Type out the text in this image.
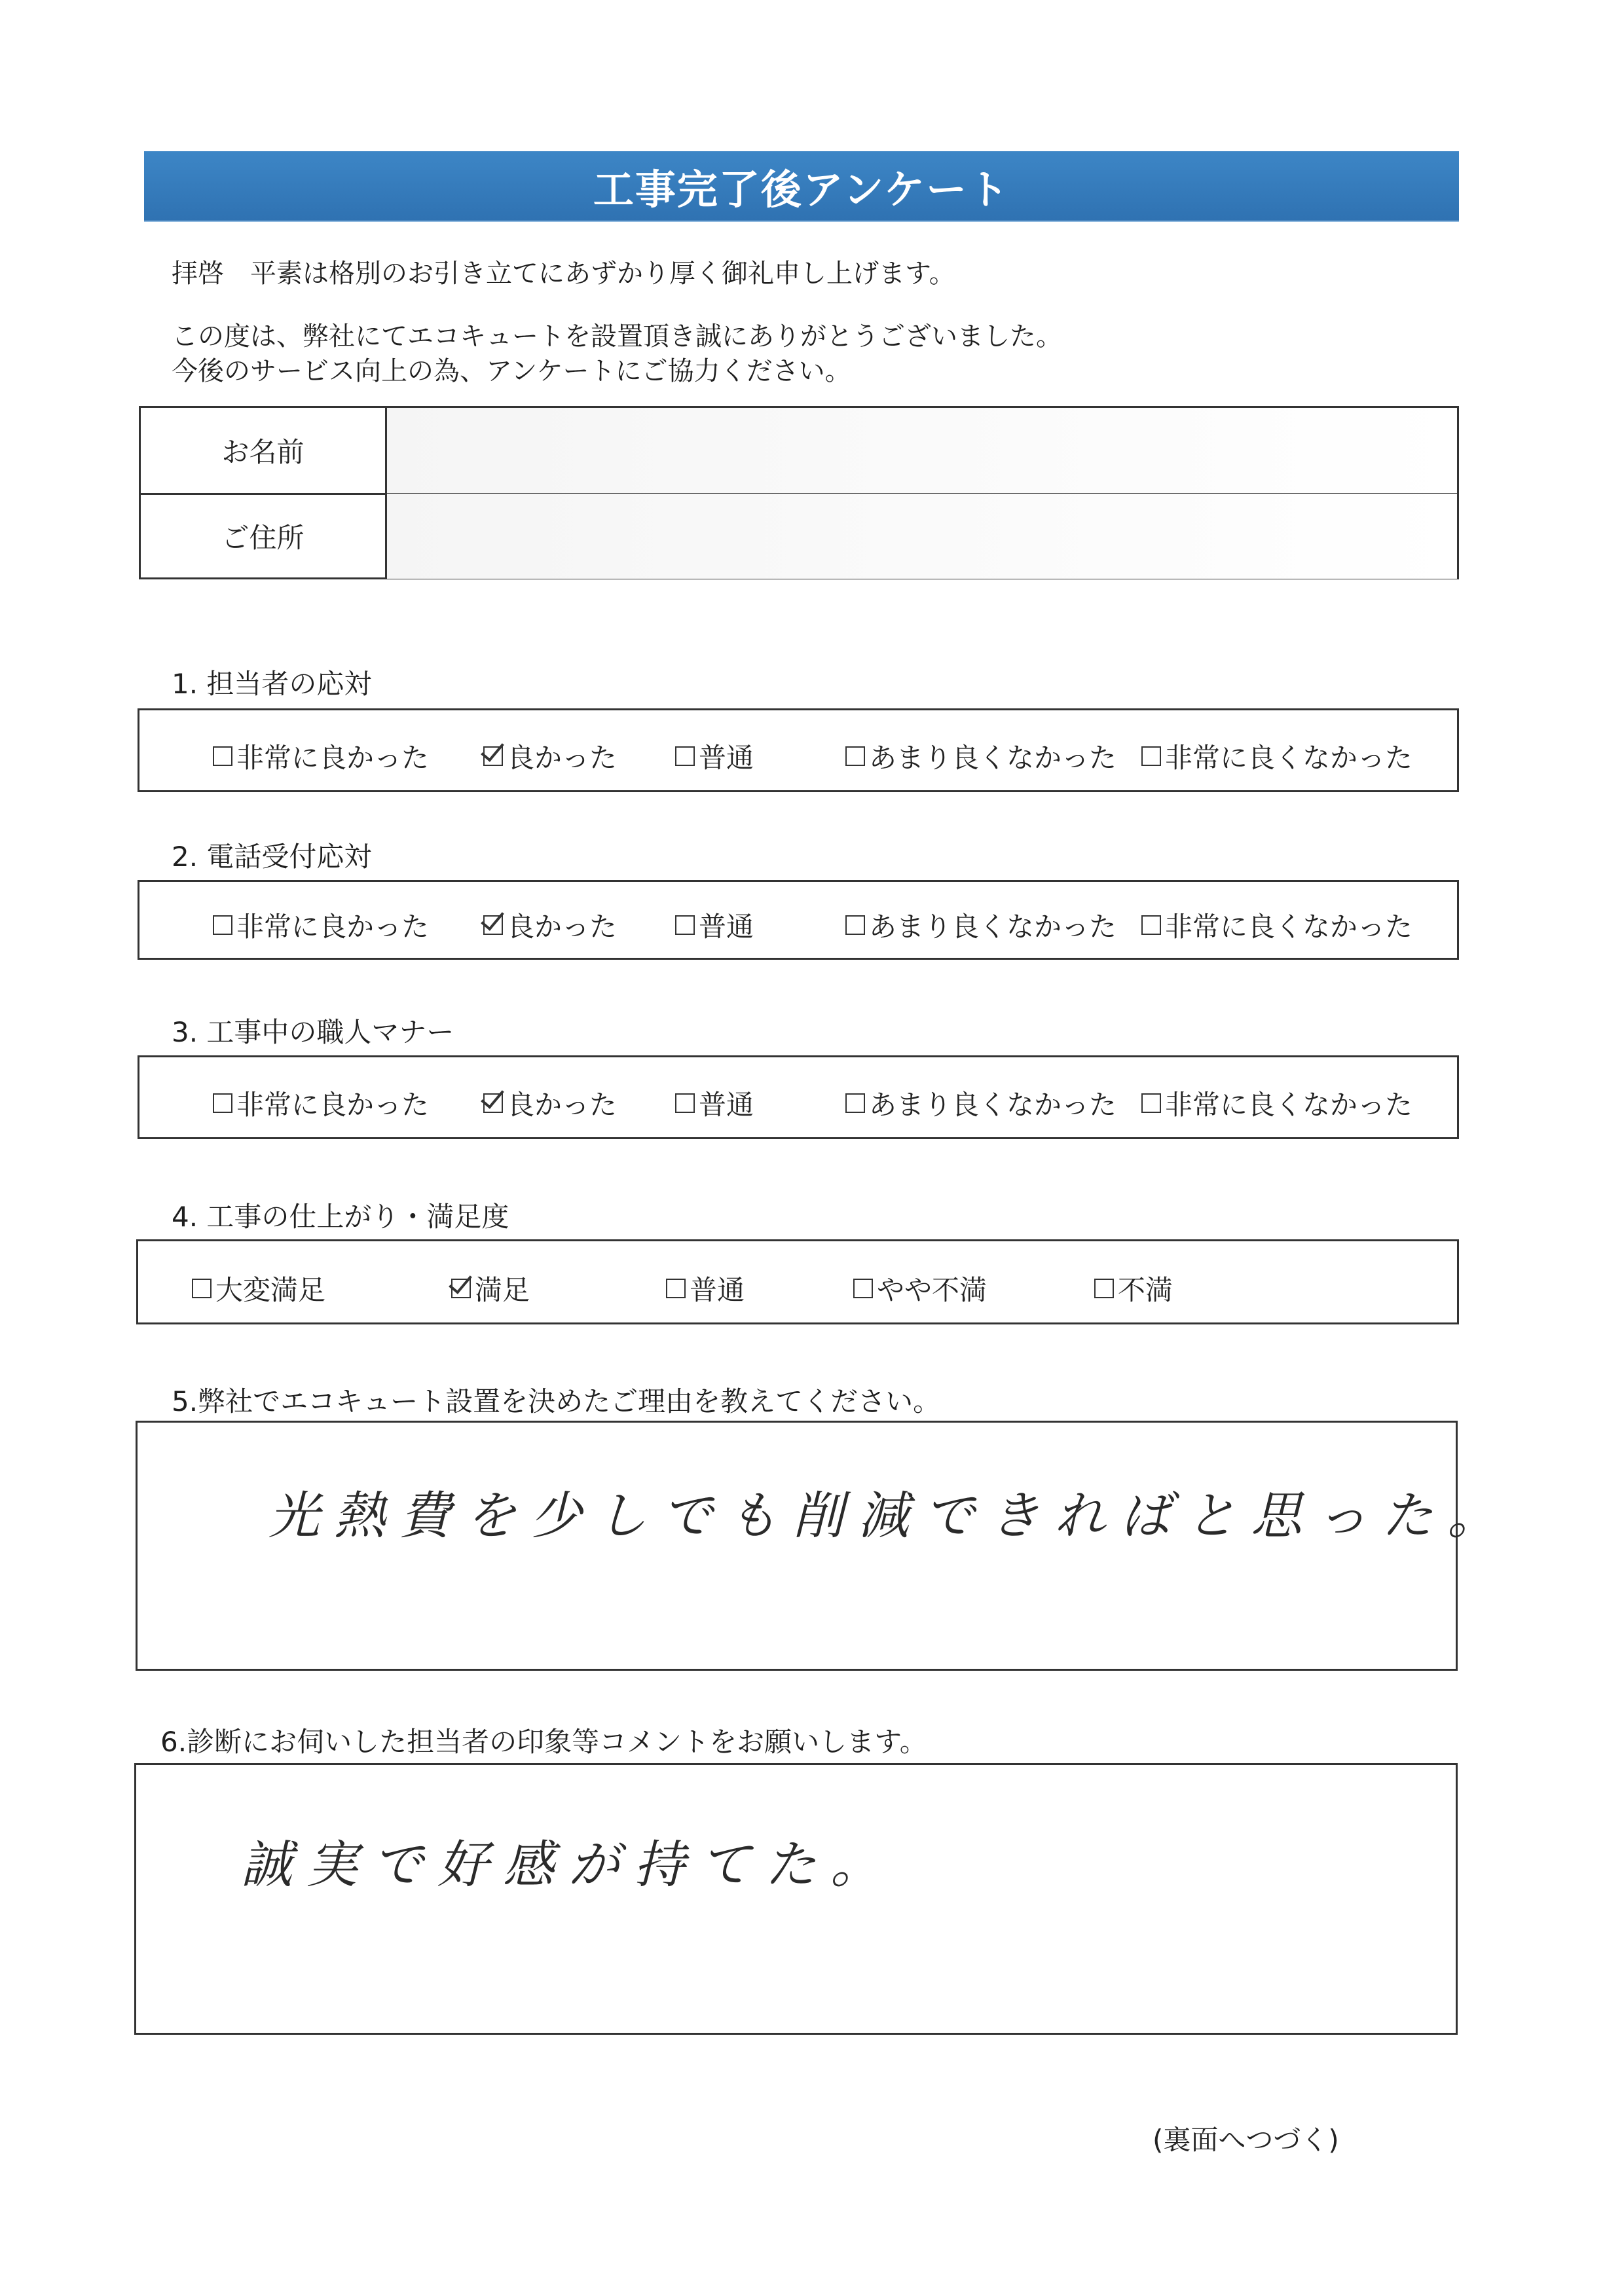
工事完了後アンケート
拝啓　平素は格別のお引き立てにあずかり厚く御礼申し上げます。
この度は、弊社にてエコキュートを設置頂き誠にありがとうございました。
今後のサービス向上の為、アンケートにご協力ください。
お名前
ご住所
1. 担当者の応対
非常に良かった	良かった	普通	あまり良くなかった 非常に良くなかった
2. 電話受付応対
非常に良かった	良かった	普通	あまり良くなかった 非常に良くなかった
3. 工事中の職人マナー
非常に良かった	良かった	普通	あまり良くなかった 非常に良くなかった
4. 工事の仕上がり・満足度
大変満足	満足	普通	やや不満	不満
5.弊社でエコキュート設置を決めたご理由を教えてください。
光熱費を少しでも削減できればと思った。
6.診断にお伺いした担当者の印象等コメントをお願いします。
誠実で好感が持てた。
(裏面へつづく)
